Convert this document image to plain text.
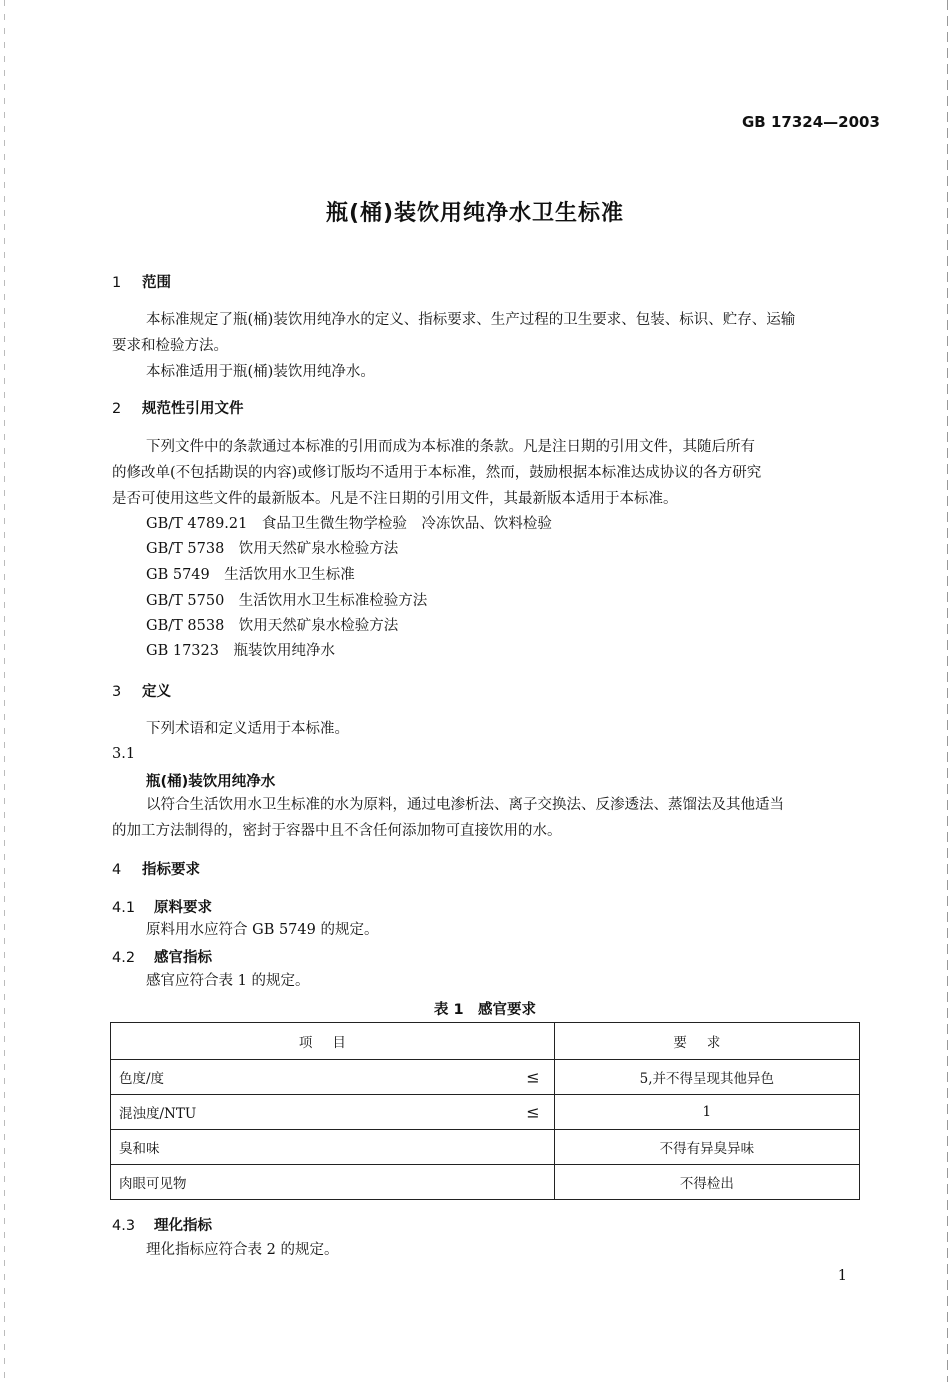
GB 17324—2003
瓶(桶)装饮用纯净水卫生标准
1 范围
本标准规定了瓶(桶)装饮用纯净水的定义、指标要求、生产过程的卫生要求、包装、标识、贮存、运输
要求和检验方法。
本标准适用于瓶(桶)装饮用纯净水。
2 规范性引用文件
下列文件中的条款通过本标准的引用而成为本标准的条款。凡是注日期的引用文件，其随后所有
的修改单(不包括勘误的内容)或修订版均不适用于本标准，然而，鼓励根据本标准达成协议的各方研究
是否可使用这些文件的最新版本。凡是不注日期的引用文件，其最新版本适用于本标准。
GB/T 4789.21　食品卫生微生物学检验　冷冻饮品、饮料检验
GB/T 5738　饮用天然矿泉水检验方法
GB 5749　生活饮用水卫生标准
GB/T 5750　生活饮用水卫生标准检验方法
GB/T 8538　饮用天然矿泉水检验方法
GB 17323　瓶装饮用纯净水
3 定义
下列术语和定义适用于本标准。
3.1
瓶(桶)装饮用纯净水
以符合生活饮用水卫生标准的水为原料，通过电渗析法、离子交换法、反渗透法、蒸馏法及其他适当
的加工方法制得的，密封于容器中且不含任何添加物可直接饮用的水。
4 指标要求
4.1 原料要求
原料用水应符合 GB 5749 的规定。
4.2 感官指标
感官应符合表 1 的规定。
表 1　感官要求
项目	要求
色度/度 ≤	5,并不得呈现其他异色
混浊度/NTU ≤	1
臭和味	不得有异臭异味
肉眼可见物	不得检出
4.3 理化指标
理化指标应符合表 2 的规定。
1
